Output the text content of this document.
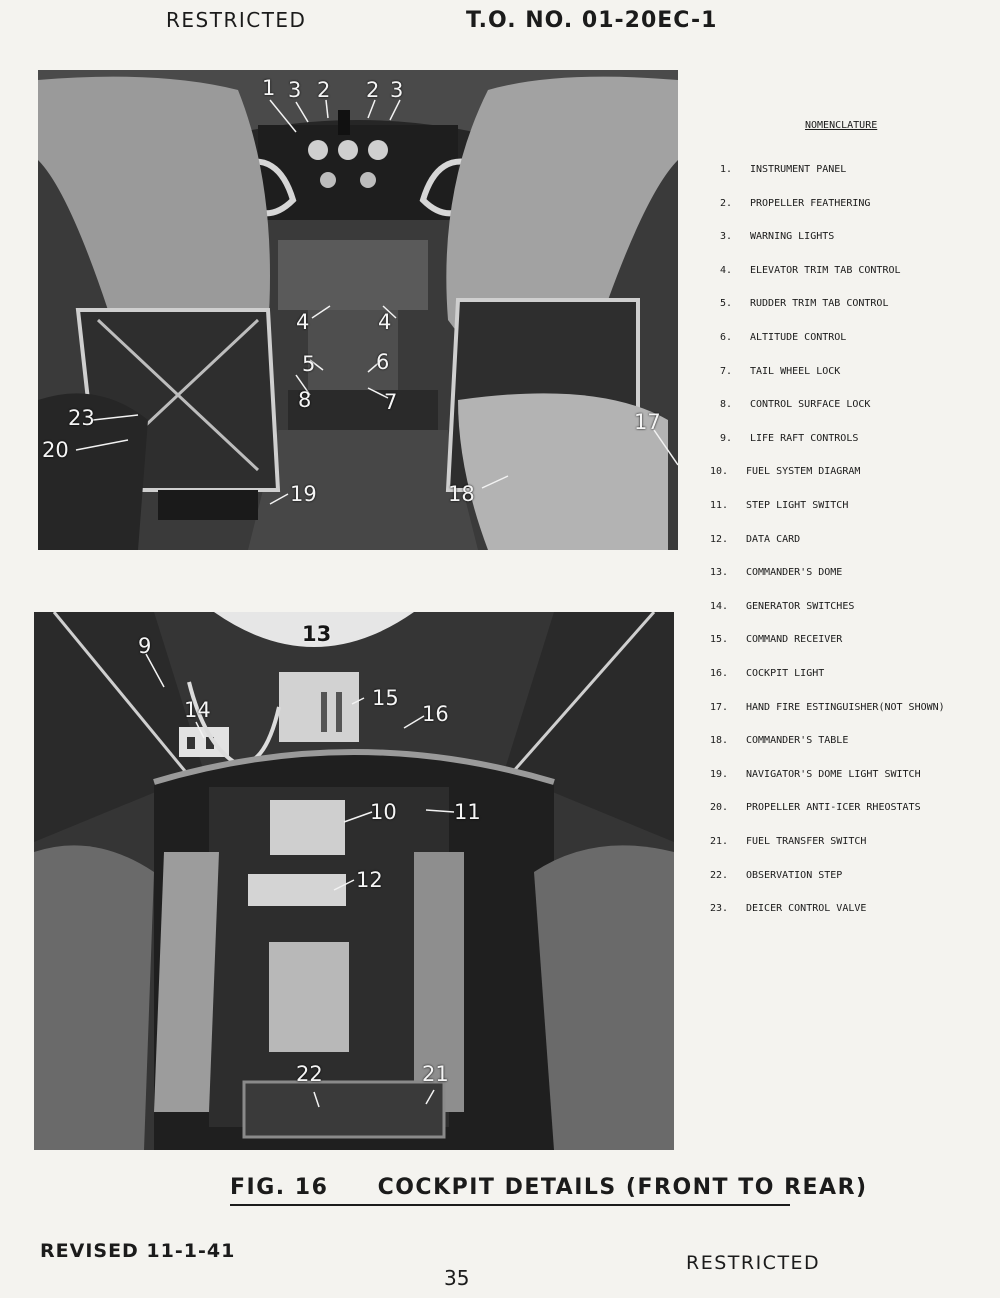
RESTRICTED	T.O. NO. 01-20EC-1
1 3 2 2 3
4	4
5	6
8	7
23
20
17
19	18
13
9
14	15
16
10	11
12
22	21
NOMENCLATURE
1. INSTRUMENT PANEL
2. PROPELLER FEATHERING
3. WARNING LIGHTS
4. ELEVATOR TRIM TAB CONTROL
5. RUDDER TRIM TAB CONTROL
6. ALTITUDE CONTROL
7. TAIL WHEEL LOCK
8. CONTROL SURFACE LOCK
9. LIFE RAFT CONTROLS
10. FUEL SYSTEM DIAGRAM
11. STEP LIGHT SWITCH
12. DATA CARD
13. COMMANDER'S DOME
14. GENERATOR SWITCHES
15. COMMAND RECEIVER
16. COCKPIT LIGHT
17. HAND FIRE ESTINGUISHER(NOT SHOWN)
18. COMMANDER'S TABLE
19. NAVIGATOR'S DOME LIGHT SWITCH
20. PROPELLER ANTI-ICER RHEOSTATS
21. FUEL TRANSFER SWITCH
22. OBSERVATION STEP
23. DEICER CONTROL VALVE
FIG. 16 COCKPIT DETAILS (FRONT TO REAR)
REVISED 11-1-41
35
RESTRICTED
